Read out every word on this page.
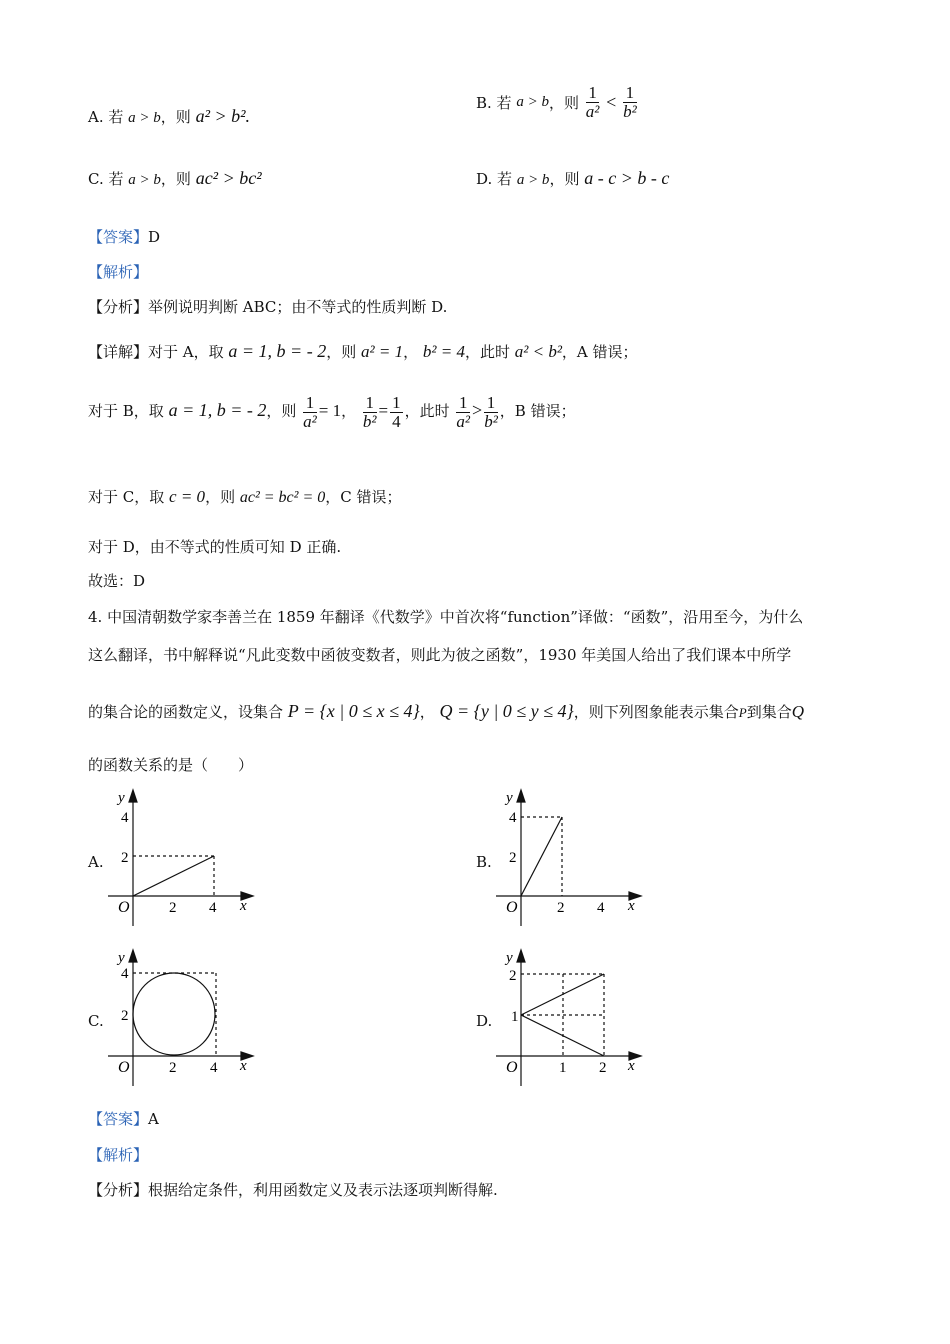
A. 若 a > b，则 a² > b².
B. 若 a > b，则 $\frac{1}{\text{a²}} < \frac{1}{\text{b²}}$
C. 若 a > b，则 ac² > bc²	D. 若 a > b，则 a - c > b - c
【答案】D
【解析】
【分析】举例说明判断 ABC；由不等式的性质判断 D.
【详解】对于 A，取 a = 1, b = - 2，则 a² = 1， b² = 4，此时 a² < b²，A 错误；
对于 B，取 a = 1, b = - 2，则 $\frac{1}{\text{a²}} = 1$， $\frac{1}{\text{b²}} = \frac{1}{4}$ ，此时 $\frac{1}{\text{a²}} > \frac{1}{\text{b²}}$ ，B 错误；
对于 C，取 c = 0，则 ac² = bc² = 0，C 错误；
对于 D，由不等式的性质可知 D 正确.
故选：D
4. 中国清朝数学家李善兰在 1859 年翻译《代数学》中首次将“function”译做：“函数”，沿用至今，为什么
这么翻译，书中解释说“凡此变数中函彼变数者，则此为彼之函数”，1930 年美国人给出了我们课本中所学
的集合论的函数定义，设集合 P = {x | 0 ≤ x ≤ 4}， Q = {y | 0 ≤ y ≤ 4}，则下列图象能表示集合P到集合Q
的函数关系的是（　　）
A.	B.
C.	D.
y
x
O
4
2
2 4
y
x
O
4
2
2 4
y
x
O
4
2
2 4
y
x
O
2
1
1 2
【答案】A
【解析】
【分析】根据给定条件，利用函数定义及表示法逐项判断得解.
